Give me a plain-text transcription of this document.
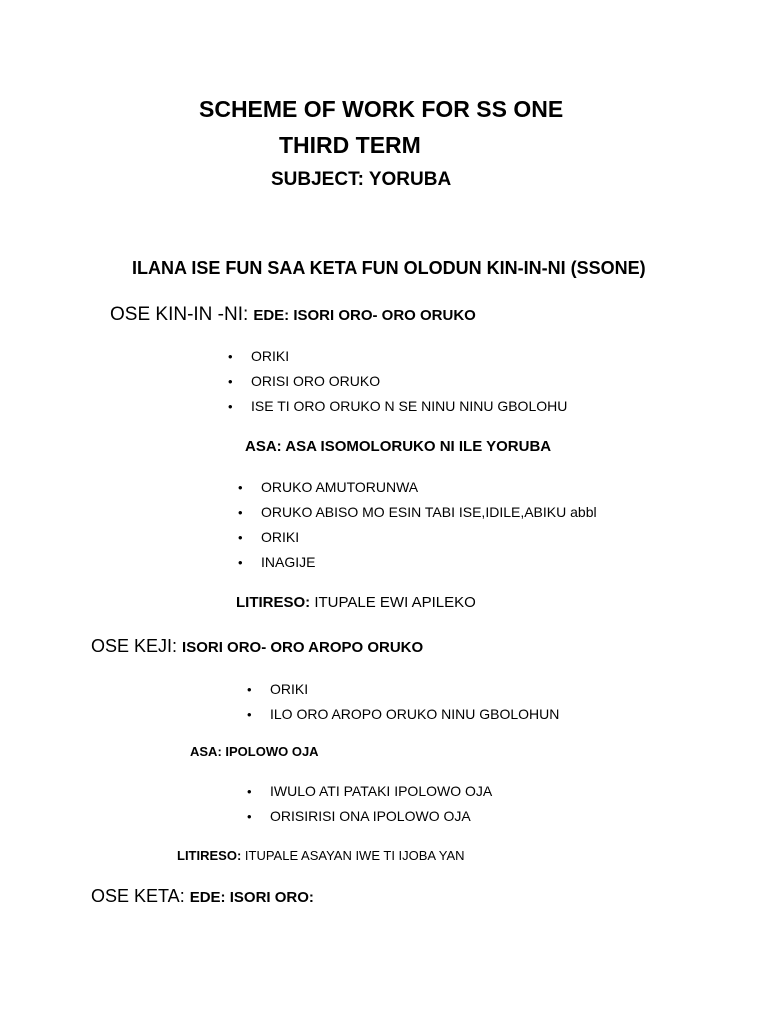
SCHEME OF WORK FOR SS ONE
THIRD TERM
SUBJECT: YORUBA
ILANA ISE FUN SAA KETA FUN OLODUN KIN-IN-NI (SSONE)
OSE KIN-IN -NI: EDE: ISORI ORO- ORO ORUKO
• ORIKI
• ORISI ORO ORUKO
• ISE TI ORO ORUKO N SE NINU NINU GBOLOHU
ASA: ASA ISOMOLORUKO NI ILE YORUBA
• ORUKO AMUTORUNWA
• ORUKO ABISO MO ESIN TABI ISE,IDILE,ABIKU abbl
• ORIKI
• INAGIJE
LITIRESO: ITUPALE EWI APILEKO
OSE KEJI: ISORI ORO- ORO AROPO ORUKO
• ORIKI
• ILO ORO AROPO ORUKO NINU GBOLOHUN
ASA: IPOLOWO OJA
• IWULO ATI PATAKI IPOLOWO OJA
• ORISIRISI ONA IPOLOWO OJA
LITIRESO: ITUPALE ASAYAN IWE TI IJOBA YAN
OSE KETA: EDE: ISORI ORO:
